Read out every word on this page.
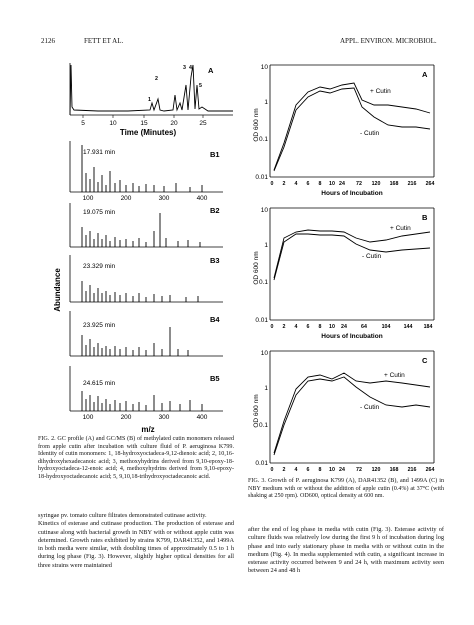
2126	FETT ET AL.	APPL. ENVIRON. MICROBIOL.
1
2
3 4
5
A
5	10	15	20	25
Time (Minutes)
Abundance
17.931 min	B1
100	200	300	400
19.075 min	B2
23.329 min
B3
23.925 min
B4
24.615 min
B5
100	200	300	400
m/z
FIG. 2. GC profile (A) and GC/MS (B) of methylated cutin monomers released from apple cutin after incubation with culture fluid of P. aeruginosa K799. Identity of cutin monomers: 1, 18-hydroxyoctadeca-9,12-dienoic acid; 2, 10,16-dihydroxyhexadecanoic acid; 3, methoxyhydrins derived from 9,10-epoxy-18-hydroxyoctadeca-12-enoic acid; 4, methoxyhydrins derived from 9,10-epoxy-18-hydroxyoctadecanoic acid; 5, 9,10,18-trihydroxyoctadecanoic acid.
A
+ Cutin
- Cutin
10
1
0.1
0.01
OD 600 nm
0 2 4 6 8 10 24 72 120 168 216 264
Hours of Incubation
B
+ Cutin
- Cutin
10
1
0.1
0.01
OD 600 nm
0 2 4 6 8 10 24	64	104 144 184
Hours of Incubation
C
+ Cutin
- Cutin
10
1
0.1
0.01
OD 600 nm
0 2 4 6 8 10 24 72 120 168 216 264
FIG. 3. Growth of P. aeruginosa K799 (A), DAR41352 (B), and 1499A (C) in NBY medium with or without the addition of apple cutin (0.4%) at 37°C (with shaking at 250 rpm). OD600, optical density at 600 nm.
syringae pv. tomato culture filtrates demonstrated cutinase activity.
Kinetics of esterase and cutinase production. The production of esterase and cutinase along with bacterial growth in NBY with or without apple cutin was determined. Growth rates exhibited by strains K799, DAR41352, and 1499A in both media were similar, with doubling times of approximately 0.5 to 1 h during log phase (Fig. 3). However, slightly higher optical densities for all three strains were maintained
after the end of log phase in media with cutin (Fig. 3). Esterase activity of culture fluids was relatively low during the first 9 h of incubation during log phase and into early stationary phase in media with or without cutin in the medium (Fig. 4). In media supplemented with cutin, a significant increase in esterase activity occurred between 9 and 24 h, with maximum activity seen between 24 and 48 h
